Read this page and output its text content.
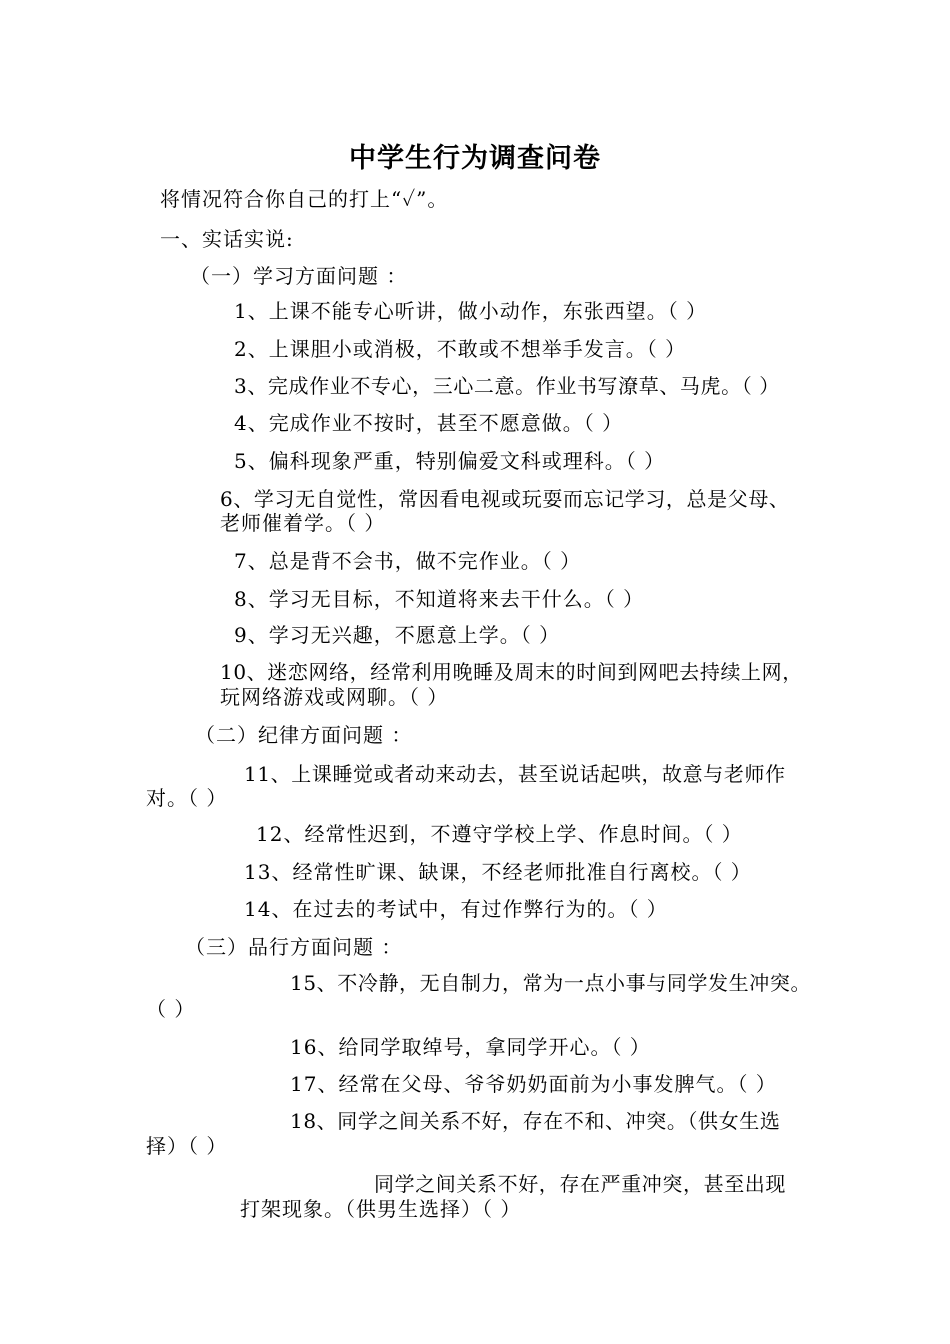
中学生行为调查问卷
将情况符合你自己的打上“✓”。
一、实话实说:
（一）学习方面问题 ：
1、上课不能专心听讲，做小动作，东张西望。（ ）
2、上课胆小或消极，不敢或不想举手发言。（ ）
3、完成作业不专心，三心二意。作业书写潦草、马虎。（ ）
4、完成作业不按时，甚至不愿意做。（ ）
5、偏科现象严重，特别偏爱文科或理科。（ ）
6、学习无自觉性，常因看电视或玩耍而忘记学习，总是父母、
老师催着学。（ ）
7、总是背不会书，做不完作业。（ ）
8、学习无目标，不知道将来去干什么。（ ）
9、学习无兴趣，不愿意上学。（ ）
10、迷恋网络，经常利用晚睡及周末的时间到网吧去持续上网，
玩网络游戏或网聊。（ ）
（二）纪律方面问题 ：
11、上课睡觉或者动来动去，甚至说话起哄，故意与老师作
对。（ ）
12、经常性迟到，不遵守学校上学、作息时间。（ ）
13、经常性旷课、缺课，不经老师批准自行离校。（ ）
14、在过去的考试中，有过作弊行为的。（ ）
（三）品行方面问题 ：
15、不冷静，无自制力，常为一点小事与同学发生冲突。
（ ）
16、给同学取绰号，拿同学开心。（ ）
17、经常在父母、爷爷奶奶面前为小事发脾气。（ ）
18、同学之间关系不好，存在不和、冲突。（供女生选
择）（ ）
同学之间关系不好，存在严重冲突，甚至出现
打架现象。（供男生选择）（ ）
